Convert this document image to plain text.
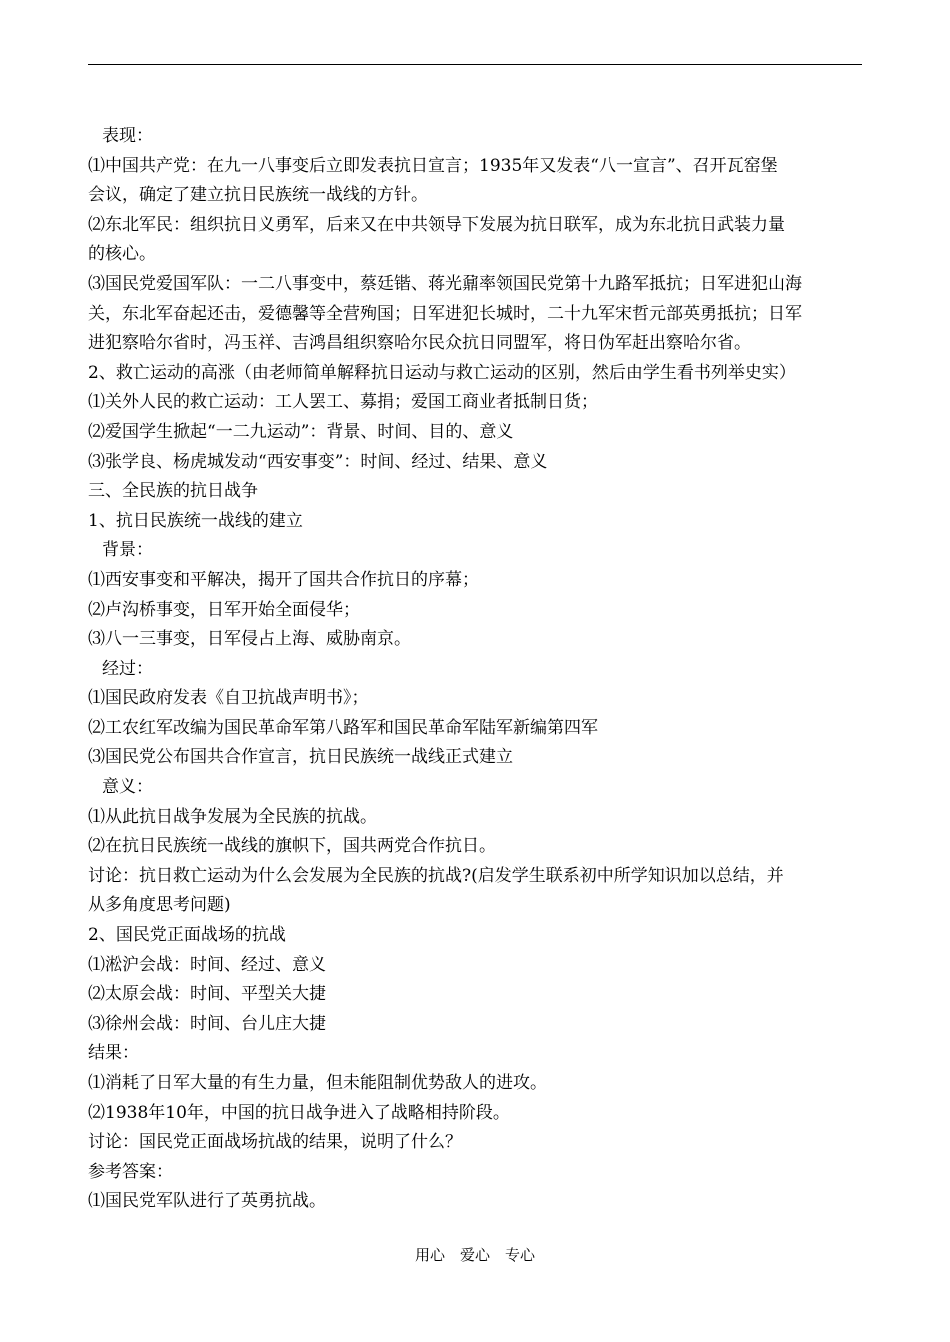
表现：
⑴中国共产党：在九一八事变后立即发表抗日宣言；1935年又发表“八一宣言”、召开瓦窑堡
会议，确定了建立抗日民族统一战线的方针。
⑵东北军民：组织抗日义勇军，后来又在中共领导下发展为抗日联军，成为东北抗日武装力量
的核心。
⑶国民党爱国军队：一二八事变中，蔡廷锴、蒋光鼐率领国民党第十九路军抵抗；日军进犯山海
关，东北军奋起还击，爱德馨等全营殉国；日军进犯长城时，二十九军宋哲元部英勇抵抗；日军
进犯察哈尔省时，冯玉祥、吉鸿昌组织察哈尔民众抗日同盟军，将日伪军赶出察哈尔省。
2、救亡运动的高涨（由老师简单解释抗日运动与救亡运动的区别，然后由学生看书列举史实）
⑴关外人民的救亡运动：工人罢工、募捐；爱国工商业者抵制日货；
⑵爱国学生掀起“一二九运动”：背景、时间、目的、意义
⑶张学良、杨虎城发动“西安事变”：时间、经过、结果、意义
三、全民族的抗日战争
1、抗日民族统一战线的建立
背景：
⑴西安事变和平解决，揭开了国共合作抗日的序幕；
⑵卢沟桥事变，日军开始全面侵华；
⑶八一三事变，日军侵占上海、威胁南京。
经过：
⑴国民政府发表《自卫抗战声明书》；
⑵工农红军改编为国民革命军第八路军和国民革命军陆军新编第四军
⑶国民党公布国共合作宣言，抗日民族统一战线正式建立
意义：
⑴从此抗日战争发展为全民族的抗战。
⑵在抗日民族统一战线的旗帜下，国共两党合作抗日。
讨论：抗日救亡运动为什么会发展为全民族的抗战?(启发学生联系初中所学知识加以总结，并
从多角度思考问题)
2、国民党正面战场的抗战
⑴淞沪会战：时间、经过、意义
⑵太原会战：时间、平型关大捷
⑶徐州会战：时间、台儿庄大捷
结果：
⑴消耗了日军大量的有生力量，但未能阻制优势敌人的进攻。
⑵1938年10年，中国的抗日战争进入了战略相持阶段。
讨论：国民党正面战场抗战的结果，说明了什么？
参考答案：
⑴国民党军队进行了英勇抗战。
用心　爱心　专心
